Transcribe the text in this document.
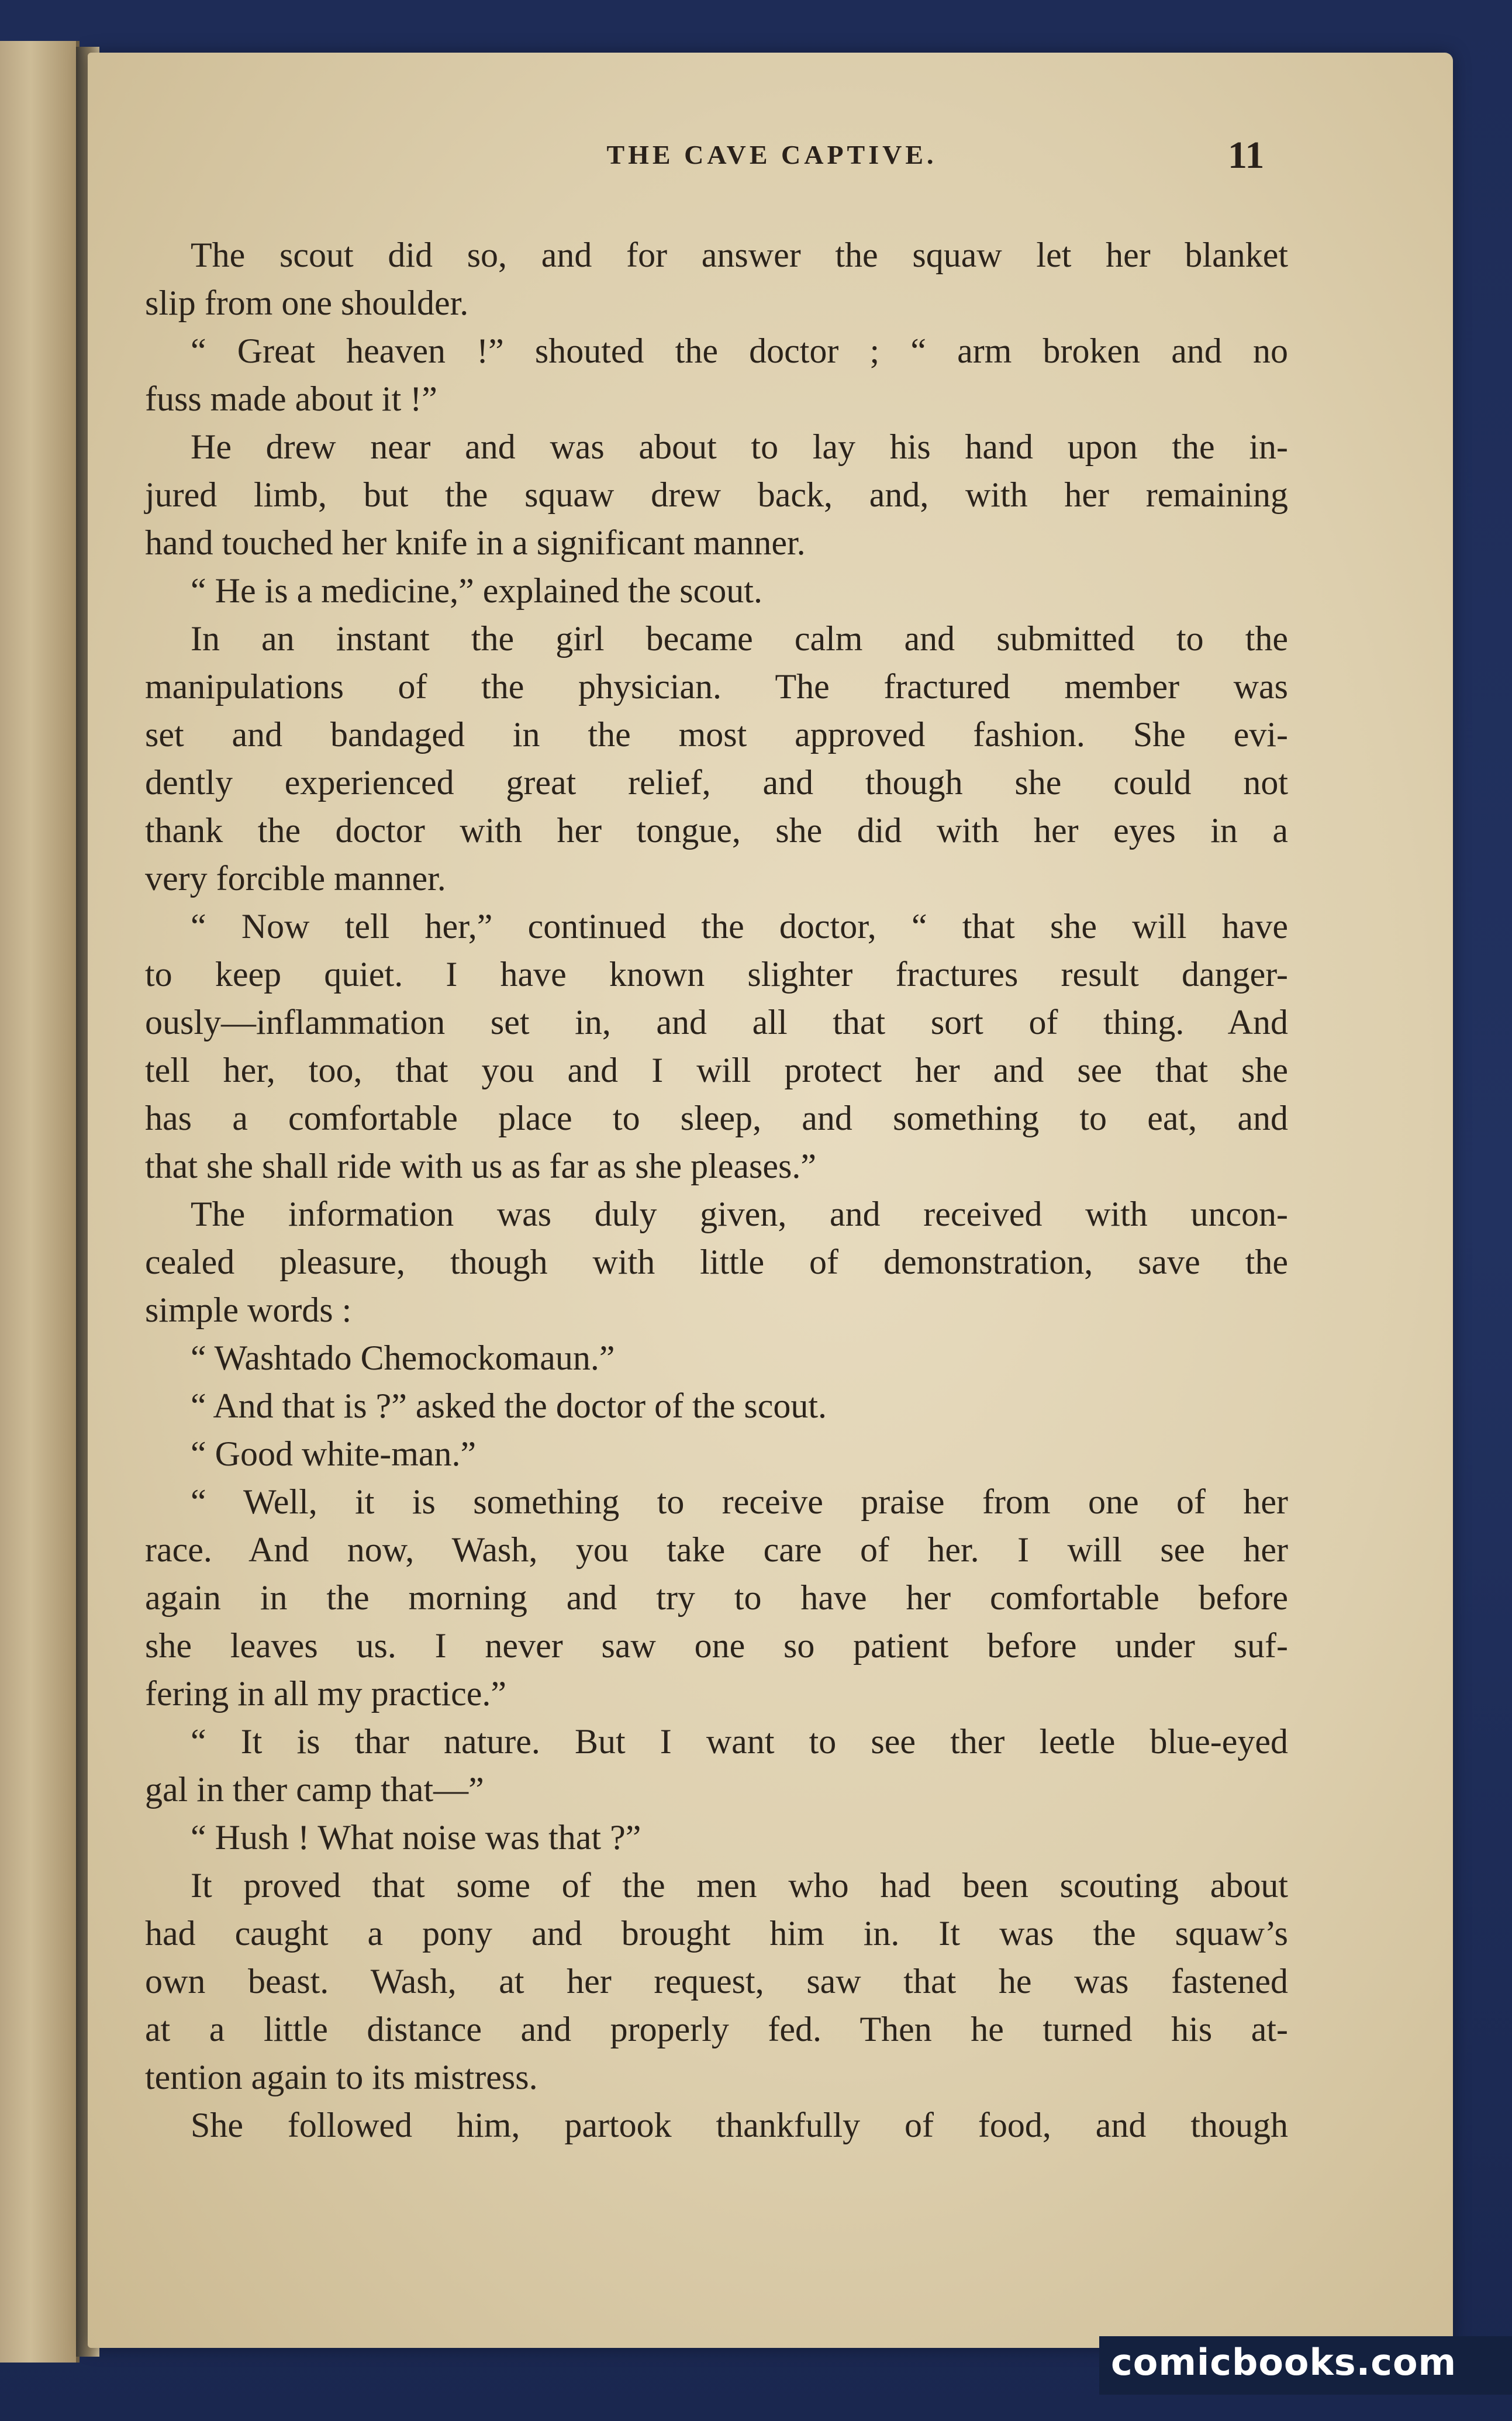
THE CAVE CAPTIVE.	11
The scout did so, and for answer the squaw let her blanket
slip from one shoulder.
“ Great heaven !” shouted the doctor ; “ arm broken and no
fuss made about it !”
He drew near and was about to lay his hand upon the in-
jured limb, but the squaw drew back, and, with her remaining
hand touched her knife in a significant manner.
“ He is a medicine,” explained the scout.
In an instant the girl became calm and submitted to the
manipulations of the physician. The fractured member was
set and bandaged in the most approved fashion. She evi-
dently experienced great relief, and though she could not
thank the doctor with her tongue, she did with her eyes in a
very forcible manner.
“ Now tell her,” continued the doctor, “ that she will have
to keep quiet. I have known slighter fractures result danger-
ously—inflammation set in, and all that sort of thing. And
tell her, too, that you and I will protect her and see that she
has a comfortable place to sleep, and something to eat, and
that she shall ride with us as far as she pleases.”
The information was duly given, and received with uncon-
cealed pleasure, though with little of demonstration, save the
simple words :
“ Washtado Chemockomaun.”
“ And that is ?” asked the doctor of the scout.
“ Good white-man.”
“ Well, it is something to receive praise from one of her
race. And now, Wash, you take care of her. I will see her
again in the morning and try to have her comfortable before
she leaves us. I never saw one so patient before under suf-
fering in all my practice.”
“ It is thar nature. But I want to see ther leetle blue-eyed
gal in ther camp that—”
“ Hush ! What noise was that ?”
It proved that some of the men who had been scouting about
had caught a pony and brought him in. It was the squaw’s
own beast. Wash, at her request, saw that he was fastened
at a little distance and properly fed. Then he turned his at-
tention again to its mistress.
She followed him, partook thankfully of food, and though
comicbooks.com
